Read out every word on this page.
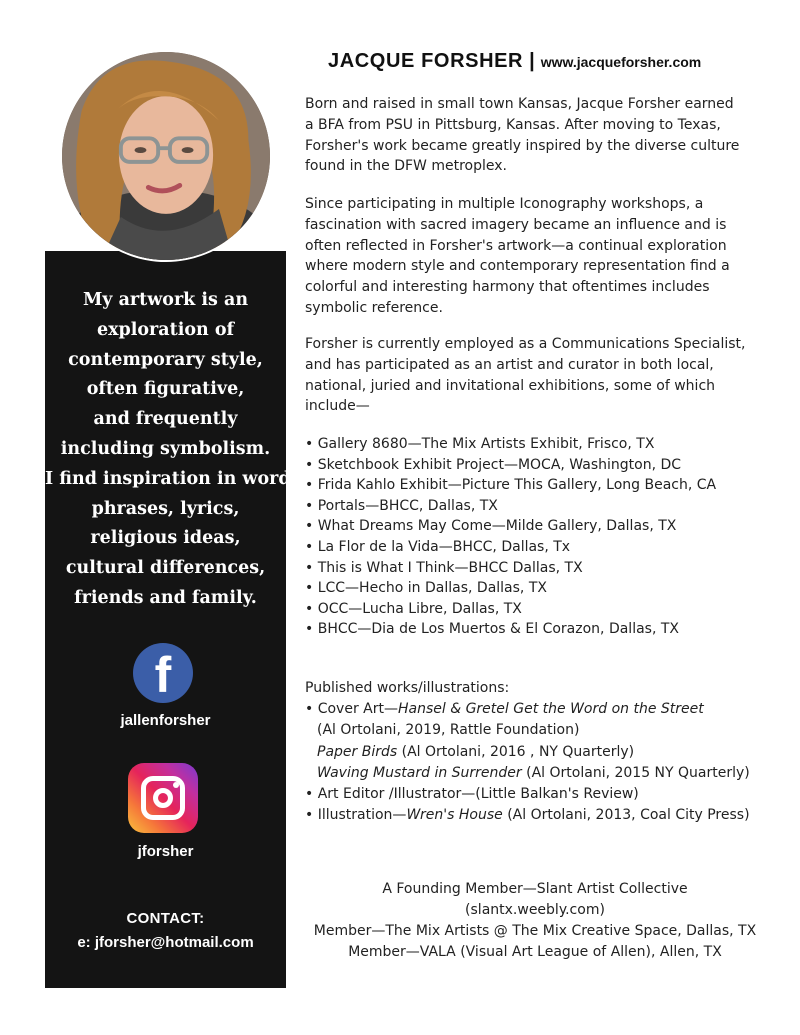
My artwork is an
exploration of
contemporary style,
often figurative,
and frequently
including symbolism.
I find inspiration in words,
phrases, lyrics,
religious ideas,
cultural differences,
friends and family.
f
jallenforsher
jforsher
CONTACT:
e: jforsher@hotmail.com
JACQUE FORSHER | www.jacqueforsher.com
Born and raised in small town Kansas, Jacque Forsher earned
a BFA from PSU in Pittsburg, Kansas. After moving to Texas,
Forsher's work became greatly inspired by the diverse culture
found in the DFW metroplex.
Since participating in multiple Iconography workshops, a
fascination with sacred imagery became an influence and is
often reflected in Forsher's artwork—a continual exploration
where modern style and contemporary representation find a
colorful and interesting harmony that oftentimes includes
symbolic reference.
Forsher is currently employed as a Communications Specialist,
and has participated as an artist and curator in both local,
national, juried and invitational exhibitions, some of which
include—
• Gallery 8680—The Mix Artists Exhibit, Frisco, TX
• Sketchbook Exhibit Project—MOCA, Washington, DC
• Frida Kahlo Exhibit—Picture This Gallery, Long Beach, CA
• Portals—BHCC, Dallas, TX
• What Dreams May Come—Milde Gallery, Dallas, TX
• La Flor de la Vida—BHCC, Dallas, Tx
• This is What I Think—BHCC Dallas, TX
• LCC—Hecho in Dallas, Dallas, TX
• OCC—Lucha Libre, Dallas, TX
• BHCC—Dia de Los Muertos & El Corazon, Dallas, TX
Published works/illustrations:
• Cover Art—Hansel & Gretel Get the Word on the Street
(Al Ortolani, 2019, Rattle Foundation)
Paper Birds (Al Ortolani, 2016 , NY Quarterly)
Waving Mustard in Surrender (Al Ortolani, 2015 NY Quarterly)
• Art Editor /Illustrator—(Little Balkan's Review)
• Illustration—Wren's House (Al Ortolani, 2013, Coal City Press)
A Founding Member—Slant Artist Collective
(slantx.weebly.com)
Member—The Mix Artists @ The Mix Creative Space, Dallas, TX
Member—VALA (Visual Art League of Allen), Allen, TX
